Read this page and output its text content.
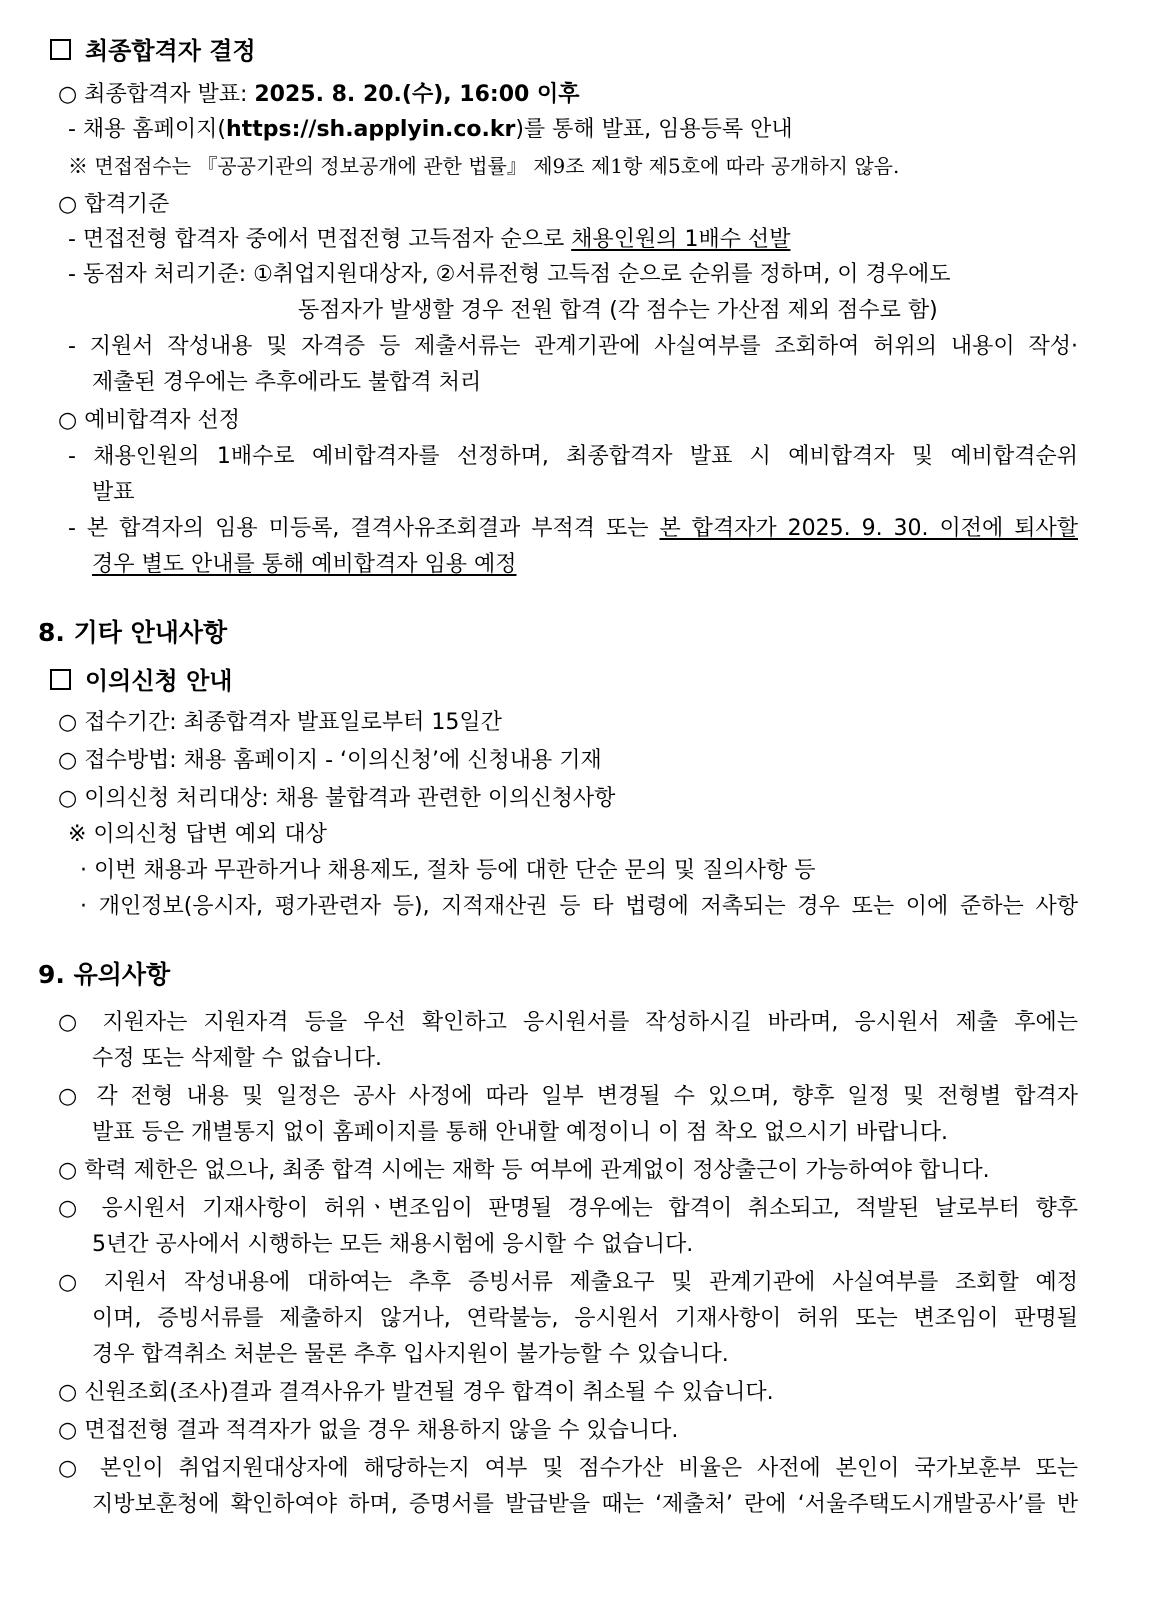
최종합격자 결정
○ 최종합격자 발표: 2025. 8. 20.(수), 16:00 이후
- 채용 홈페이지(https://sh.applyin.co.kr)를 통해 발표, 임용등록 안내
※ 면접점수는 『공공기관의 정보공개에 관한 법률』 제9조 제1항 제5호에 따라 공개하지 않음.
○ 합격기준
- 면접전형 합격자 중에서 면접전형 고득점자 순으로 채용인원의 1배수 선발
- 동점자 처리기준: ①취업지원대상자, ②서류전형 고득점 순으로 순위를 정하며, 이 경우에도
동점자가 발생할 경우 전원 합격 (각 점수는 가산점 제외 점수로 함)
- 지원서 작성내용 및 자격증 등 제출서류는 관계기관에 사실여부를 조회하여 허위의 내용이 작성·
제출된 경우에는 추후에라도 불합격 처리
○ 예비합격자 선정
- 채용인원의 1배수로 예비합격자를 선정하며, 최종합격자 발표 시 예비합격자 및 예비합격순위
발표
- 본 합격자의 임용 미등록, 결격사유조회결과 부적격 또는 본 합격자가 2025. 9. 30. 이전에 퇴사할
경우 별도 안내를 통해 예비합격자 임용 예정
8. 기타 안내사항
이의신청 안내
○ 접수기간: 최종합격자 발표일로부터 15일간
○ 접수방법: 채용 홈페이지 - ‘이의신청’에 신청내용 기재
○ 이의신청 처리대상: 채용 불합격과 관련한 이의신청사항
※ 이의신청 답변 예외 대상
· 이번 채용과 무관하거나 채용제도, 절차 등에 대한 단순 문의 및 질의사항 등
· 개인정보(응시자, 평가관련자 등), 지적재산권 등 타 법령에 저촉되는 경우 또는 이에 준하는 사항
9. 유의사항
○ 지원자는 지원자격 등을 우선 확인하고 응시원서를 작성하시길 바라며, 응시원서 제출 후에는
수정 또는 삭제할 수 없습니다.
○ 각 전형 내용 및 일정은 공사 사정에 따라 일부 변경될 수 있으며, 향후 일정 및 전형별 합격자
발표 등은 개별통지 없이 홈페이지를 통해 안내할 예정이니 이 점 착오 없으시기 바랍니다.
○ 학력 제한은 없으나, 최종 합격 시에는 재학 등 여부에 관계없이 정상출근이 가능하여야 합니다.
○ 응시원서 기재사항이 허위ㆍ변조임이 판명될 경우에는 합격이 취소되고, 적발된 날로부터 향후
5년간 공사에서 시행하는 모든 채용시험에 응시할 수 없습니다.
○ 지원서 작성내용에 대하여는 추후 증빙서류 제출요구 및 관계기관에 사실여부를 조회할 예정
이며, 증빙서류를 제출하지 않거나, 연락불능, 응시원서 기재사항이 허위 또는 변조임이 판명될
경우 합격취소 처분은 물론 추후 입사지원이 불가능할 수 있습니다.
○ 신원조회(조사)결과 결격사유가 발견될 경우 합격이 취소될 수 있습니다.
○ 면접전형 결과 적격자가 없을 경우 채용하지 않을 수 있습니다.
○ 본인이 취업지원대상자에 해당하는지 여부 및 점수가산 비율은 사전에 본인이 국가보훈부 또는
지방보훈청에 확인하여야 하며, 증명서를 발급받을 때는 ‘제출처’ 란에 ‘서울주택도시개발공사’를 반
